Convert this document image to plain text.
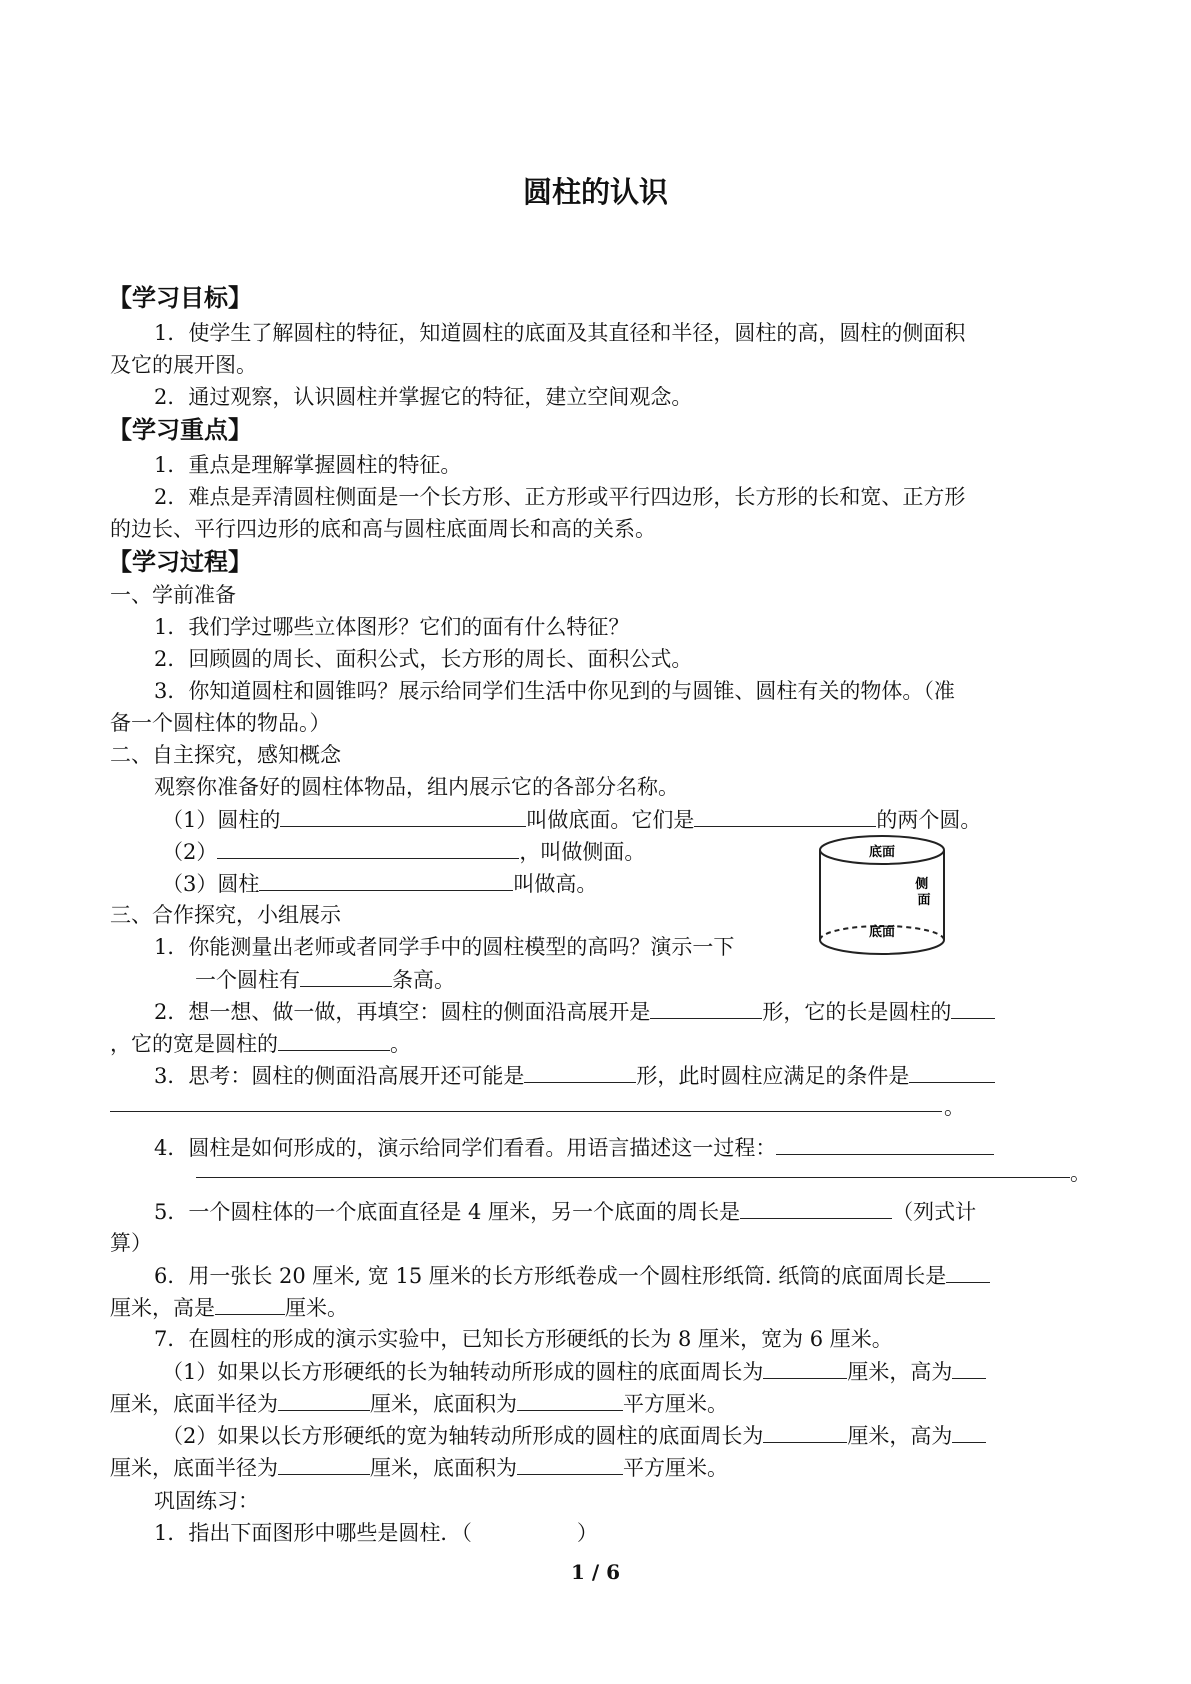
圆柱的认识
【学习目标】
1．使学生了解圆柱的特征，知道圆柱的底面及其直径和半径，圆柱的高，圆柱的侧面积
及它的展开图。
2．通过观察，认识圆柱并掌握它的特征，建立空间观念。
【学习重点】
1．重点是理解掌握圆柱的特征。
2．难点是弄清圆柱侧面是一个长方形、正方形或平行四边形，长方形的长和宽、正方形
的边长、平行四边形的底和高与圆柱底面周长和高的关系。
【学习过程】
一、学前准备
1．我们学过哪些立体图形？它们的面有什么特征？
2．回顾圆的周长、面积公式，长方形的周长、面积公式。
3．你知道圆柱和圆锥吗？展示给同学们生活中你见到的与圆锥、圆柱有关的物体。（准
备一个圆柱体的物品。）
二、自主探究，感知概念
观察你准备好的圆柱体物品，组内展示它的各部分名称。
（1）圆柱的	叫做底面。它们是	的两个圆。
（2）	，叫做侧面。
（3）圆柱	叫做高。
底面
侧 面
底面
三、合作探究，小组展示
1．你能测量出老师或者同学手中的圆柱模型的高吗？演示一下
一个圆柱有	条高。
2．想一想、做一做，再填空：圆柱的侧面沿高展开是	形，它的长是圆柱的
，它的宽是圆柱的	。
3．思考：圆柱的侧面沿高展开还可能是	形，此时圆柱应满足的条件是
。
4．圆柱是如何形成的，演示给同学们看看。用语言描述这一过程：
。
5．一个圆柱体的一个底面直径是 4 厘米，另一个底面的周长是	（列式计
算）
6．用一张长 20 厘米, 宽 15 厘米的长方形纸卷成一个圆柱形纸筒. 纸筒的底面周长是
厘米，高是	厘米。
7．在圆柱的形成的演示实验中，已知长方形硬纸的长为 8 厘米，宽为 6 厘米。
（1）如果以长方形硬纸的长为轴转动所形成的圆柱的底面周长为	厘米，高为
厘米，底面半径为	厘米，底面积为	平方厘米。
（2）如果以长方形硬纸的宽为轴转动所形成的圆柱的底面周长为	厘米，高为
厘米，底面半径为	厘米，底面积为	平方厘米。
巩固练习：
1．指出下面图形中哪些是圆柱．（　　　　　）
1 / 6
